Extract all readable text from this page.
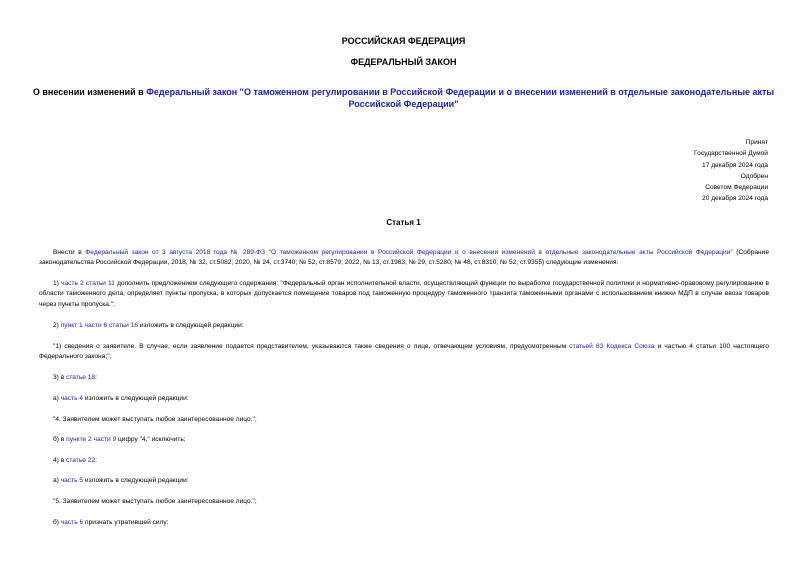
РОССИЙСКАЯ ФЕДЕРАЦИЯ
ФЕДЕРАЛЬНЫЙ ЗАКОН
О внесении изменений в Федеральный закон "О таможенном регулировании в Российской Федерации и о внесении изменений в отдельные законодательные акты Российской Федерации"
Принят
Государственной Думой
17 декабря 2024 года
Одобрен
Советом Федерации
20 декабря 2024 года
Статья 1
Внести в Федеральный закон от 3 августа 2018 года № 289-ФЗ "О таможенном регулировании в Российской Федерации и о внесении изменений в отдельные законодательные акты Российской Федерации" (Собрание законодательства Российской Федерации, 2018, № 32, ст.5082; 2020, № 24, ст.3740; № 52, ст.8579; 2022, № 13, ст.1963; № 29, ст.5280; № 48, ст.8310; № 52, ст.9355) следующие изменения:
1) часть 2 статьи 11 дополнить предложением следующего содержания: "Федеральный орган исполнительной власти, осуществляющий функции по выработке государственной политики и нормативно-правовому регулированию в области таможенного дела, определяет пункты пропуска, в которых допускается помещение товаров под таможенную процедуру таможенного транзита таможенными органами с использованием книжки МДП в случае ввоза товаров через пункты пропуска.";
2) пункт 1 части 6 статьи 16 изложить в следующей редакции:
"1) сведения о заявителе. В случае, если заявление подается представителем, указываются также сведения о лице, отвечающем условиям, предусмотренным статьей 83 Кодекса Союза и частью 4 статьи 100 настоящего Федерального закона;";
3) в статье 18:
а) часть 4 изложить в следующей редакции:
"4. Заявителем может выступать любое заинтересованное лицо.";
б) в пункте 2 части 9 цифру "4," исключить;
4) в статье 22:
а) часть 5 изложить в следующей редакции:
"5. Заявителем может выступать любое заинтересованное лицо.";
б) часть 6 признать утратившей силу;
